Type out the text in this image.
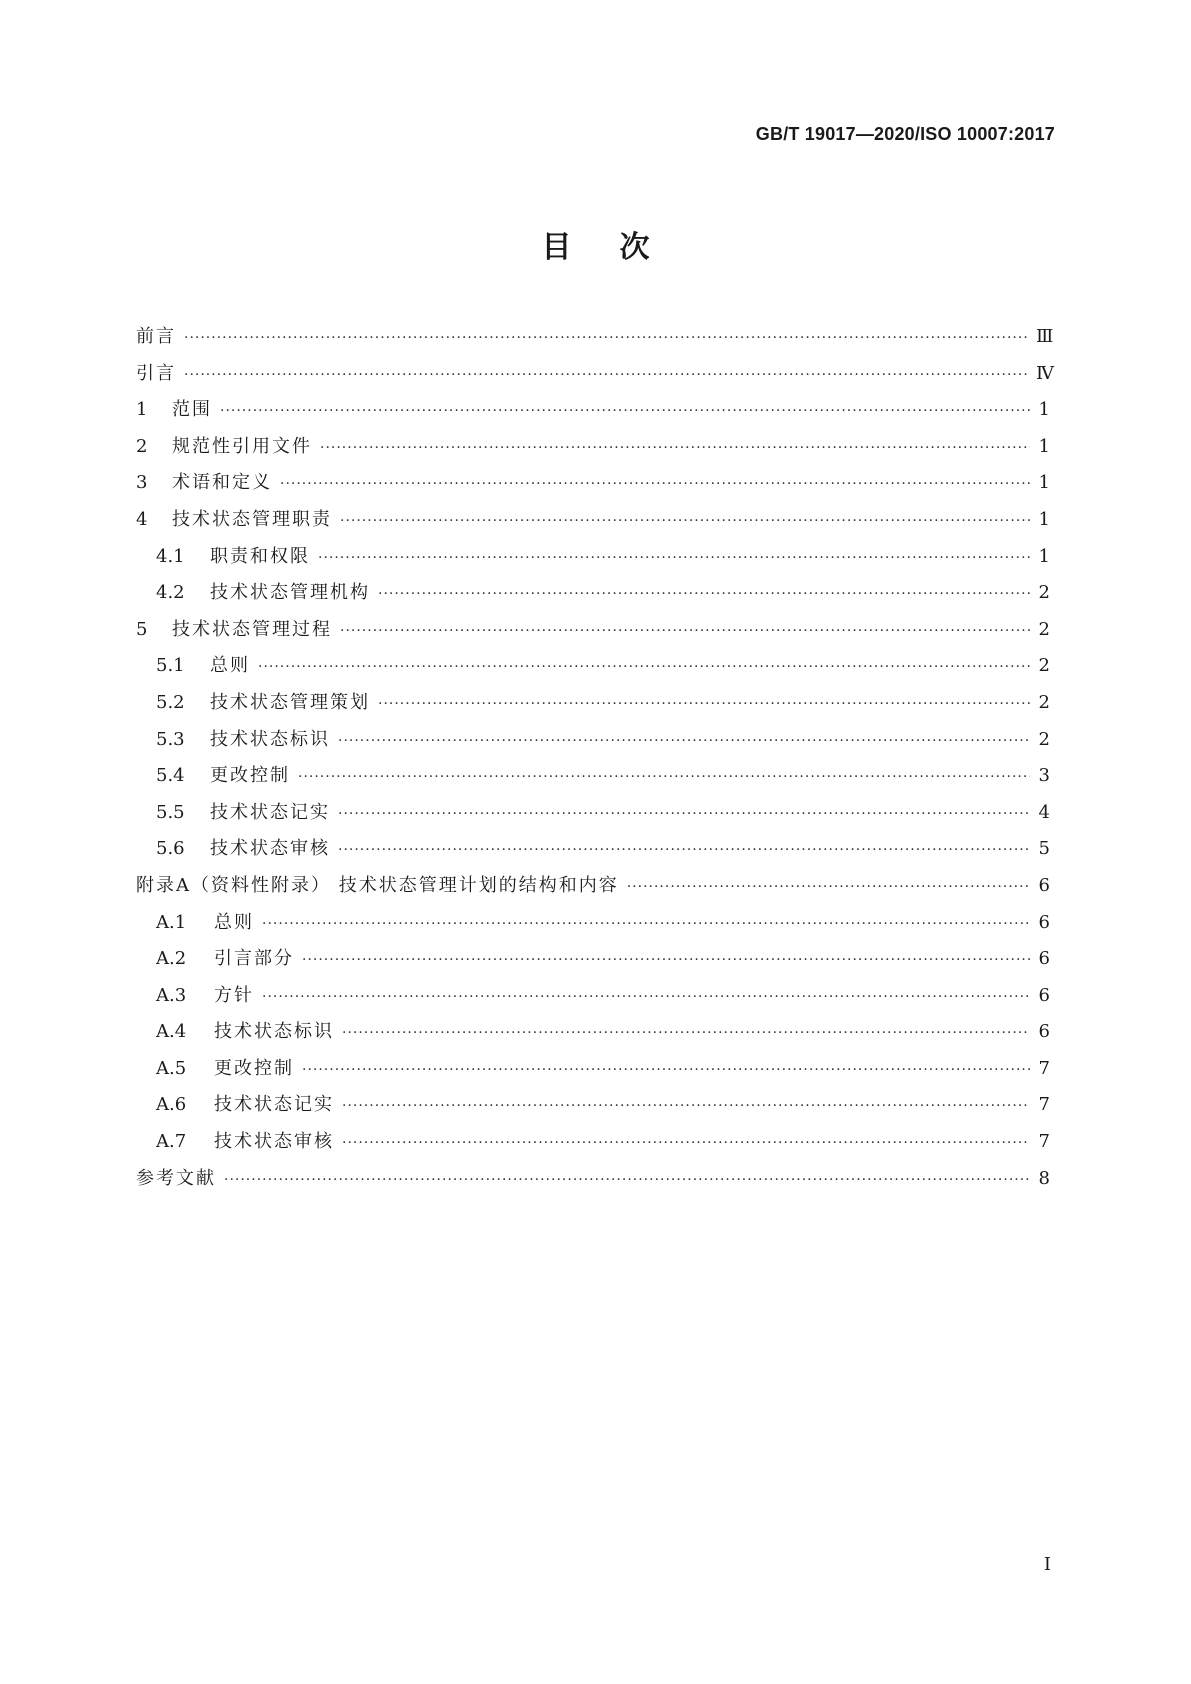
GB/T 19017—2020/ISO 10007:2017
目次
前言 ·····	Ⅲ
引言 ·····	Ⅳ
1	范围 ·····	1
2	规范性引用文件 ·····	1
3	术语和定义 ·····	1
4	技术状态管理职责 ·····	1
4.1	职责和权限 ·····	1
4.2	技术状态管理机构 ·····	2
5	技术状态管理过程 ·····	2
5.1	总则 ·····	2
5.2	技术状态管理策划 ·····	2
5.3	技术状态标识 ·····	2
5.4	更改控制 ·····	3
5.5	技术状态记实 ·····	4
5.6	技术状态审核 ·····	5
附录A（资料性附录） 技术状态管理计划的结构和内容 ·····	6
A.1	总则 ·····	6
A.2	引言部分 ·····	6
A.3	方针 ·····	6
A.4	技术状态标识 ·····	6
A.5	更改控制 ·····	7
A.6	技术状态记实 ·····	7
A.7	技术状态审核 ·····	7
参考文献 ·····	8
I
